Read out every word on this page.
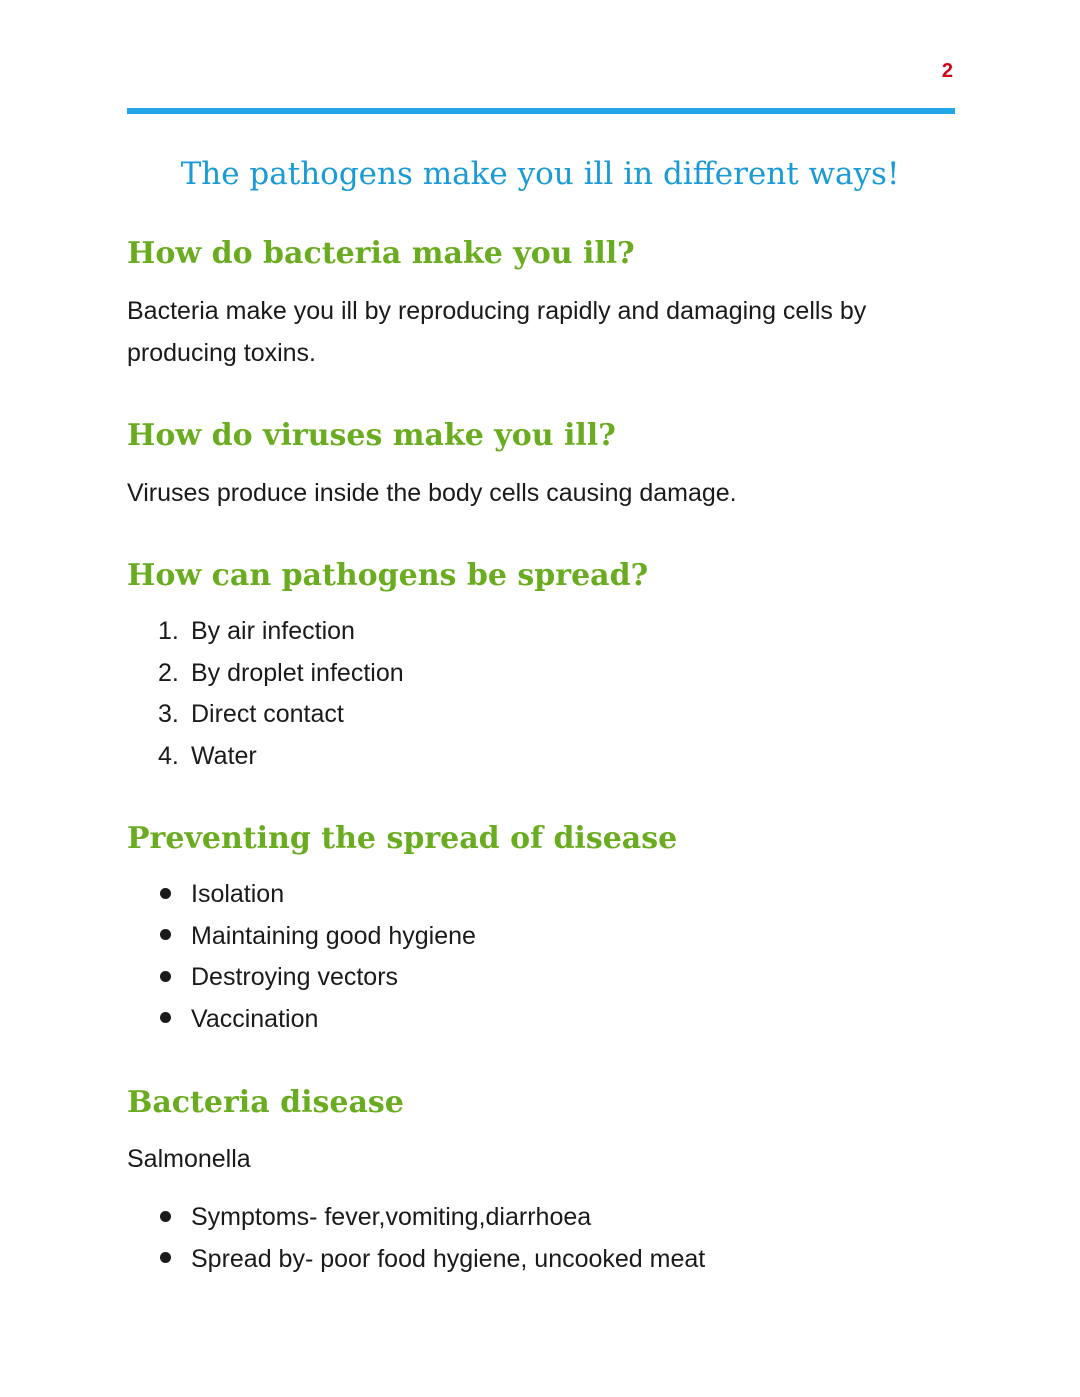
2
The pathogens make you ill in different ways!
How do bacteria make you ill?

Bacteria make you ill by reproducing rapidly and damaging cells by producing toxins.

How do viruses make you ill?

Viruses produce inside the body cells causing damage.

How can pathogens be spread?
1. By air infection
2. By droplet infection
3. Direct contact
4. Water
Preventing the spread of disease
Isolation
Maintaining good hygiene
Destroying vectors
Vaccination
Bacteria disease

Salmonella

Symptoms- fever,vomiting,diarrhoea
Spread by- poor food hygiene, uncooked meat
